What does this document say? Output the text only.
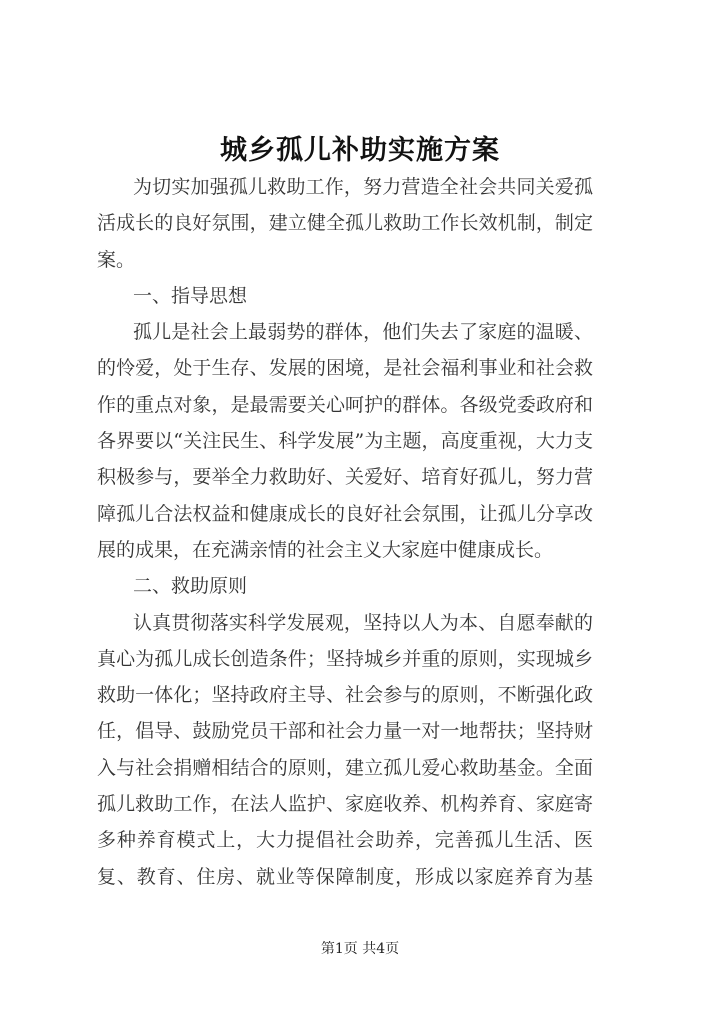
城乡孤儿补助实施方案
为切实加强孤儿救助工作，努力营造全社会共同关爱孤
活成长的良好氛围，建立健全孤儿救助工作长效机制，制定
案。
一、指导思想
孤儿是社会上最弱势的群体，他们失去了家庭的温暖、
的怜爱，处于生存、发展的困境，是社会福利事业和社会救
作的重点对象，是最需要关心呵护的群体。各级党委政府和
各界要以“关注民生、科学发展”为主题，高度重视，大力支
积极参与，要举全力救助好、关爱好、培育好孤儿，努力营
障孤儿合法权益和健康成长的良好社会氛围，让孤儿分享改
展的成果，在充满亲情的社会主义大家庭中健康成长。
二、救助原则
认真贯彻落实科学发展观，坚持以人为本、自愿奉献的
真心为孤儿成长创造条件；坚持城乡并重的原则，实现城乡
救助一体化；坚持政府主导、社会参与的原则，不断强化政
任，倡导、鼓励党员干部和社会力量一对一地帮扶；坚持财
入与社会捐赠相结合的原则，建立孤儿爱心救助基金。全面
孤儿救助工作，在法人监护、家庭收养、机构养育、家庭寄
多种养育模式上，大力提倡社会助养，完善孤儿生活、医
复、教育、住房、就业等保障制度，形成以家庭养育为基
第1页 共4页
